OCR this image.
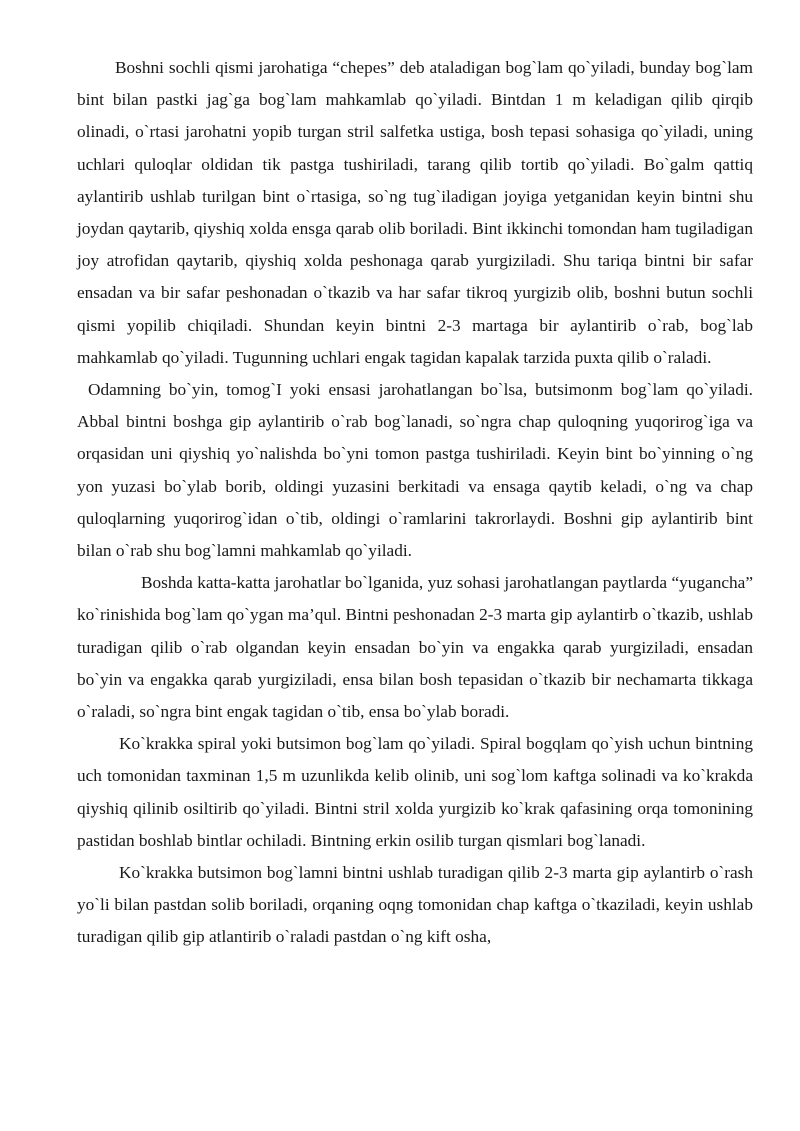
Boshni sochli qismi jarohatiga “chepes” deb ataladigan bog`lam qo`yiladi, bunday bog`lam bint bilan pastki jag`ga bog`lam mahkamlab qo`yiladi. Bintdan 1 m keladigan qilib qirqib olinadi, o`rtasi jarohatni yopib turgan stril salfetka ustiga, bosh tepasi sohasiga qo`yiladi, uning uchlari quloqlar oldidan tik pastga tushiriladi, tarang qilib tortib qo`yiladi. Bo`galm qattiq aylantirib ushlab turilgan bint o`rtasiga, so`ng tug`iladigan joyiga yetganidan keyin bintni shu joydan qaytarib, qiyshiq xolda ensga qarab olib boriladi. Bint ikkinchi tomondan ham tugiladigan joy atrofidan qaytarib, qiyshiq xolda peshonaga qarab yurgiziladi. Shu tariqa bintni bir safar ensadan va bir safar peshonadan o`tkazib va har safar tikroq yurgizib olib, boshni butun sochli qismi yopilib chiqiladi. Shundan keyin bintni 2-3 martaga bir aylantirib o`rab, bog`lab mahkamlab qo`yiladi. Tugunning uchlari engak tagidan kapalak tarzida puxta qilib o`raladi.

Odamning bo`yin, tomog`I yoki ensasi jarohatlangan bo`lsa, butsimonm bog`lam qo`yiladi. Abbal bintni boshga gip aylantirib o`rab bog`lanadi, so`ngra chap quloqning yuqorirog`iga va orqasidan uni qiyshiq yo`nalishda bo`yni tomon pastga tushiriladi. Keyin bint bo`yinning o`ng yon yuzasi bo`ylab borib, oldingi yuzasini berkitadi va ensaga qaytib keladi, o`ng va chap quloqlarning yuqorirog`idan o`tib, oldingi o`ramlarini takrorlaydi. Boshni gip aylantirib bint bilan o`rab shu bog`lamni mahkamlab qo`yiladi.

Boshda katta-katta jarohatlar bo`lganida, yuz sohasi jarohatlangan paytlarda “yugancha” ko`rinishida bog`lam qo`ygan ma’qul. Bintni peshonadan 2-3 marta gip aylantirb o`tkazib, ushlab turadigan qilib o`rab olgandan keyin ensadan bo`yin va engakka qarab yurgiziladi, ensadan bo`yin va engakka qarab yurgiziladi, ensa bilan bosh tepasidan o`tkazib bir nechamarta tikkaga o`raladi, so`ngra bint engak tagidan o`tib, ensa bo`ylab boradi.

Ko`krakka spiral yoki butsimon bog`lam qo`yiladi. Spiral bogqlam qo`yish uchun bintning uch tomonidan taxminan 1,5 m uzunlikda kelib olinib, uni sog`lom kaftga solinadi va ko`krakda qiyshiq qilinib osiltirib qo`yiladi. Bintni stril xolda yurgizib ko`krak qafasining orqa tomonining pastidan boshlab bintlar ochiladi. Bintning erkin osilib turgan qismlari bog`lanadi.

Ko`krakka butsimon bog`lamni bintni ushlab turadigan qilib 2-3 marta gip aylantirb o`rash yo`li bilan pastdan solib boriladi, orqaning oqng tomonidan chap kaftga o`tkaziladi, keyin ushlab turadigan qilib gip atlantirib o`raladi pastdan o`ng kift osha,
